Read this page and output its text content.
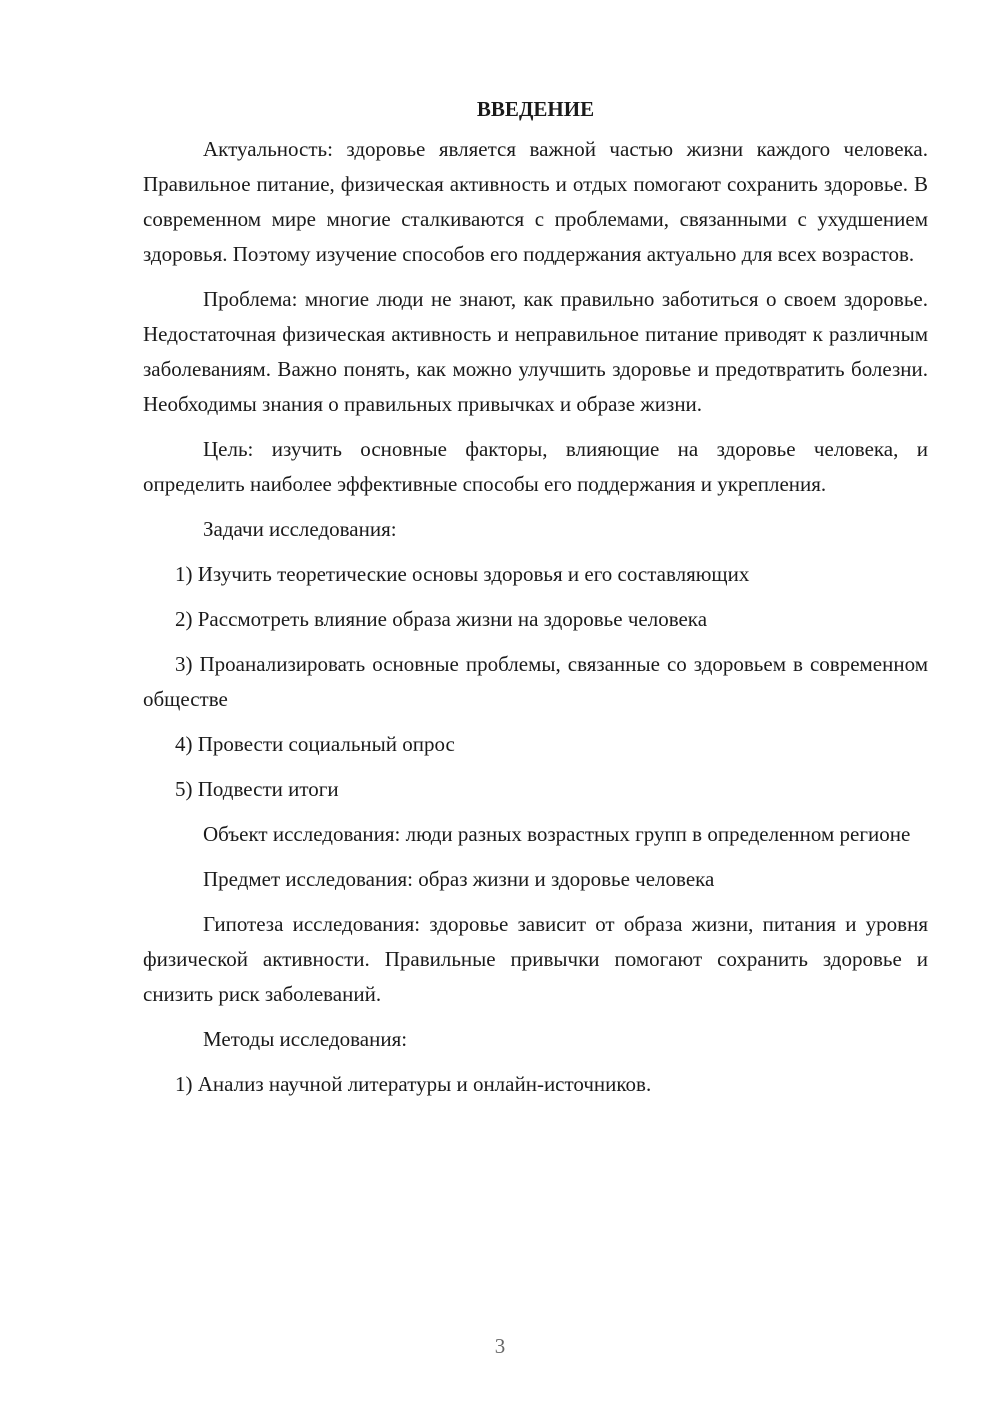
ВВЕДЕНИЕ

Актуальность: здоровье является важной частью жизни каждого человека. Правильное питание, физическая активность и отдых помогают сохранить здоровье. В современном мире многие сталкиваются с проблемами, связанными с ухудшением здоровья. Поэтому изучение способов его поддержания актуально для всех возрастов.

Проблема: многие люди не знают, как правильно заботиться о своем здоровье. Недостаточная физическая активность и неправильное питание приводят к различным заболеваниям. Важно понять, как можно улучшить здоровье и предотвратить болезни. Необходимы знания о правильных привычках и образе жизни.

Цель: изучить основные факторы, влияющие на здоровье человека, и определить наиболее эффективные способы его поддержания и укрепления.

Задачи исследования:

1) Изучить теоретические основы здоровья и его составляющих

2) Рассмотреть влияние образа жизни на здоровье человека

3) Проанализировать основные проблемы, связанные со здоровьем в современном обществе

4) Провести социальный опрос

5) Подвести итоги

Объект исследования: люди разных возрастных групп в определенном регионе

Предмет исследования: образ жизни и здоровье человека

Гипотеза исследования: здоровье зависит от образа жизни, питания и уровня физической активности. Правильные привычки помогают сохранить здоровье и снизить риск заболеваний.

Методы исследования:

1) Анализ научной литературы и онлайн-источников.

3
